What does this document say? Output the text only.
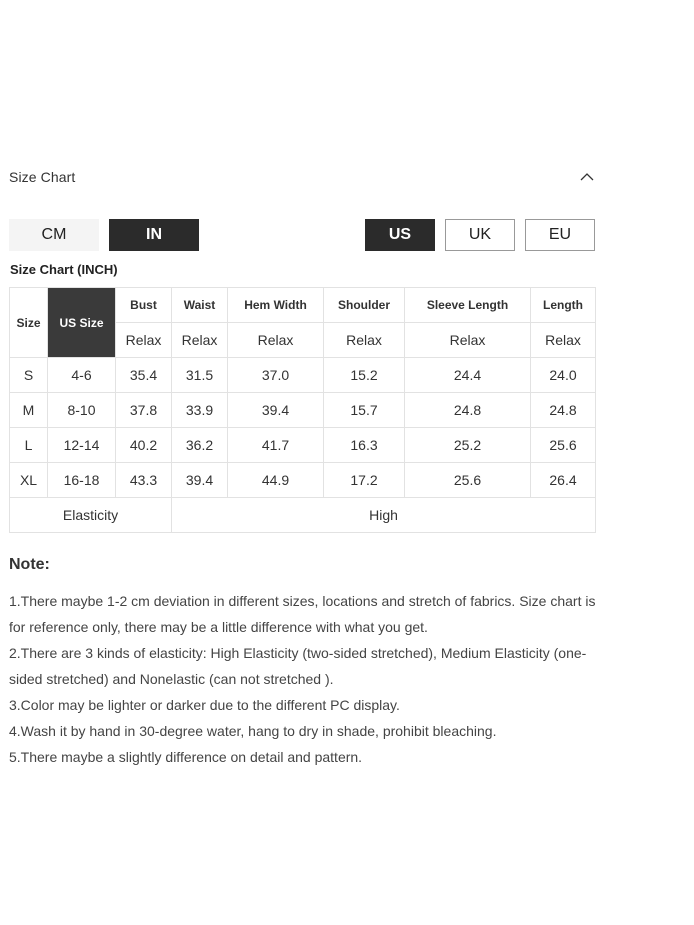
Size Chart
CM	IN	US	UK	EU
Size Chart (INCH)
Size	US Size	Bust	Waist	Hem Width	Shoulder	Sleeve Length	Length
		Relax	Relax	Relax	Relax	Relax	Relax
S	4-6	35.4	31.5	37.0	15.2	24.4	24.0
M	8-10	37.8	33.9	39.4	15.7	24.8	24.8
L	12-14	40.2	36.2	41.7	16.3	25.2	25.6
XL	16-18	43.3	39.4	44.9	17.2	25.6	26.4
Elasticity			High				
Note:

1.There maybe 1-2 cm deviation in different sizes, locations and stretch of fabrics. Size chart is for reference only, there may be a little difference with what you get.

2.There are 3 kinds of elasticity: High Elasticity (two-sided stretched), Medium Elasticity (one-sided stretched) and Nonelastic (can not stretched ).

3.Color may be lighter or darker due to the different PC display.

4.Wash it by hand in 30-degree water, hang to dry in shade, prohibit bleaching.

5.There maybe a slightly difference on detail and pattern.
